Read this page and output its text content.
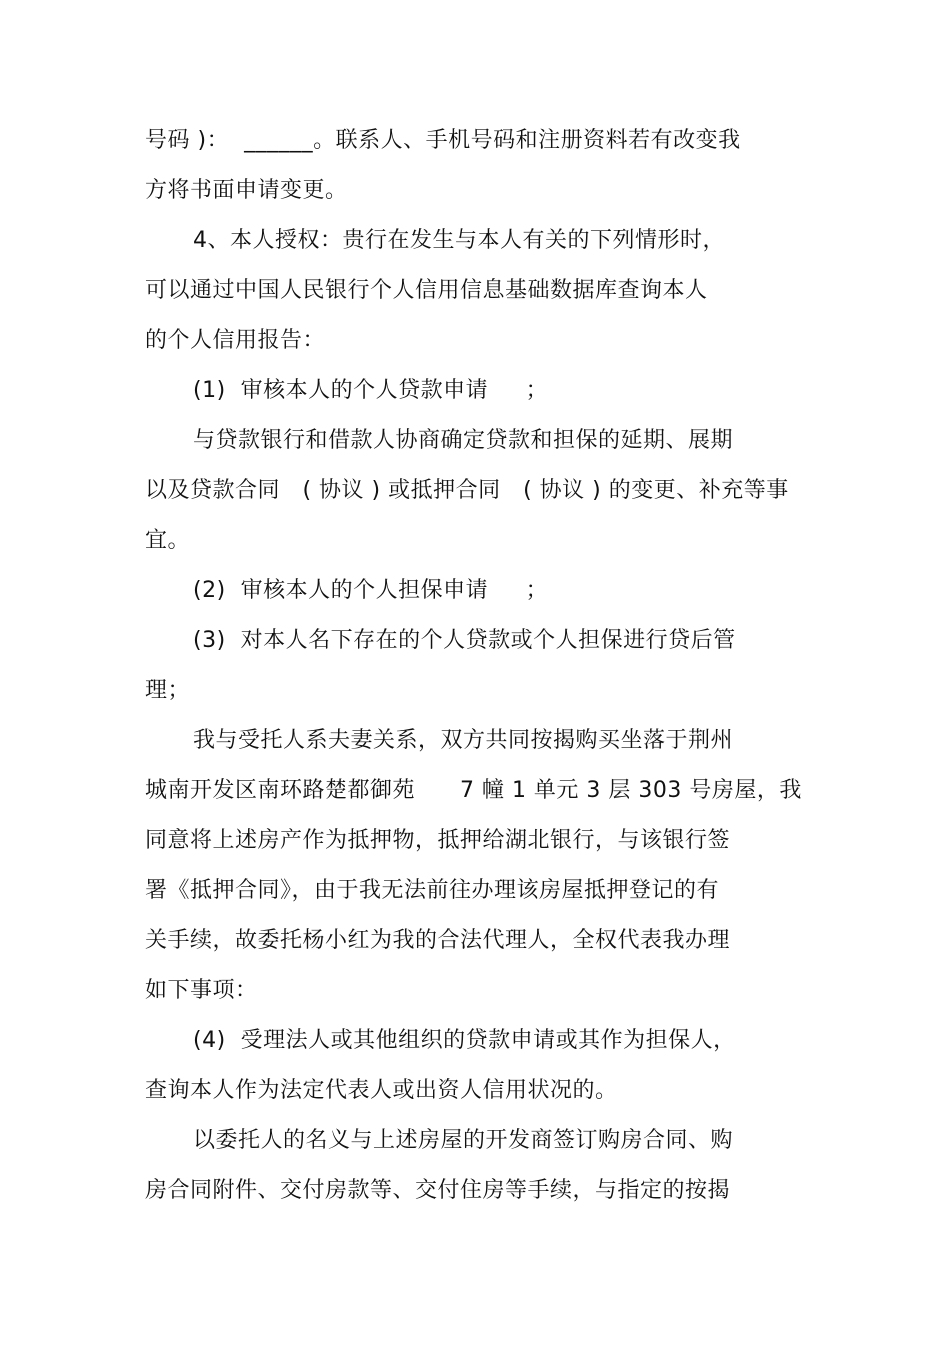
号码 )：  ______。联系人、手机号码和注册资料若有改变我
方将书面申请变更。
4、本人授权：贵行在发生与本人有关的下列情形时，
可以通过中国人民银行个人信用信息基础数据库查询本人
的个人信用报告：
(1)  审核本人的个人贷款申请     ；
与贷款银行和借款人协商确定贷款和担保的延期、展期
以及贷款合同   ( 协议 ) 或抵押合同   ( 协议 ) 的变更、补充等事
宜。
(2)  审核本人的个人担保申请     ；
(3)  对本人名下存在的个人贷款或个人担保进行贷后管
理；
我与受托人系夫妻关系，双方共同按揭购买坐落于荆州
城南开发区南环路楚都御苑      7 幢 1 单元 3 层 303 号房屋，我
同意将上述房产作为抵押物，抵押给湖北银行，与该银行签
署《抵押合同》，由于我无法前往办理该房屋抵押登记的有
关手续，故委托杨小红为我的合法代理人，全权代表我办理
如下事项：
(4)  受理法人或其他组织的贷款申请或其作为担保人，
查询本人作为法定代表人或出资人信用状况的。
以委托人的名义与上述房屋的开发商签订购房合同、购
房合同附件、交付房款等、交付住房等手续，与指定的按揭
